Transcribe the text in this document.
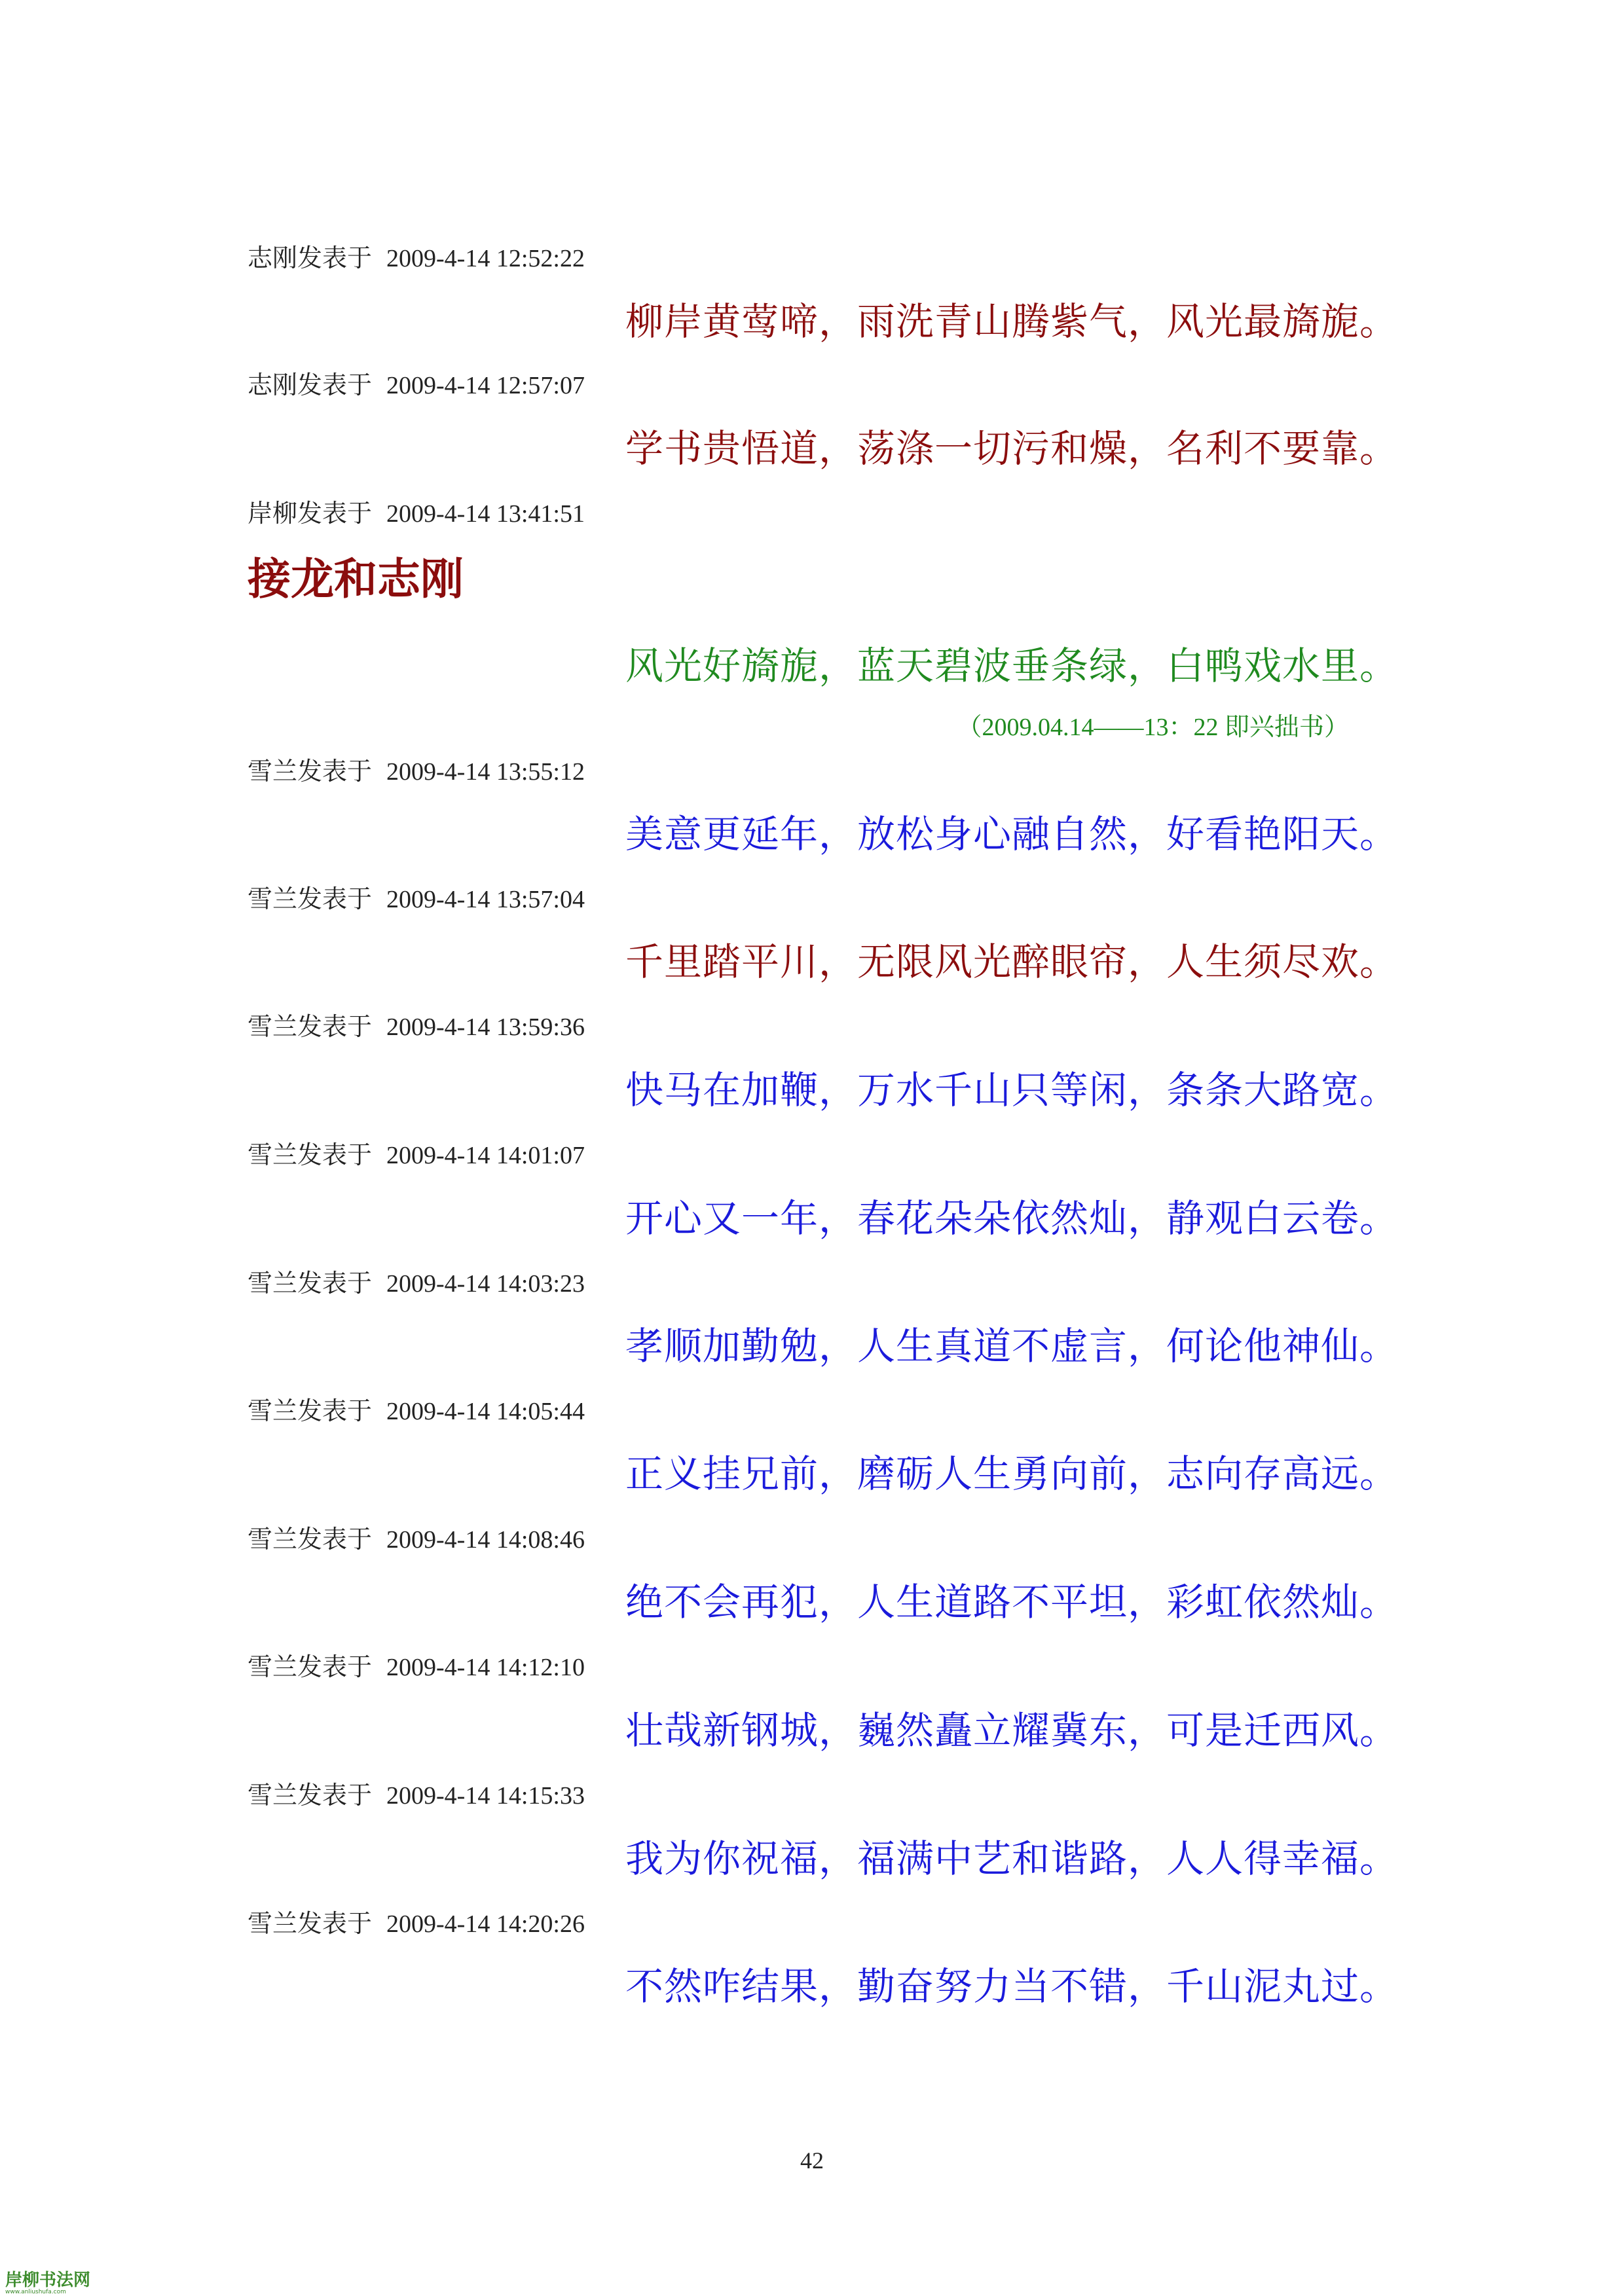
志刚发表于 2009-4-14 12:52:22
柳岸黄莺啼，雨洗青山腾紫气，风光最旖旎。
志刚发表于 2009-4-14 12:57:07
学书贵悟道，荡涤一切污和燥，名利不要靠。
岸柳发表于 2009-4-14 13:41:51
接龙和志刚
风光好旖旎，蓝天碧波垂条绿，白鸭戏水里。
（2009.04.14——13：22 即兴拙书）
雪兰发表于 2009-4-14 13:55:12
美意更延年，放松身心融自然，好看艳阳天。
雪兰发表于 2009-4-14 13:57:04
千里踏平川，无限风光醉眼帘，人生须尽欢。
雪兰发表于 2009-4-14 13:59:36
快马在加鞭，万水千山只等闲，条条大路宽。
雪兰发表于 2009-4-14 14:01:07
开心又一年，春花朵朵依然灿，静观白云卷。
雪兰发表于 2009-4-14 14:03:23
孝顺加勤勉，人生真道不虚言，何论他神仙。
雪兰发表于 2009-4-14 14:05:44
正义挂兄前，磨砺人生勇向前，志向存高远。
雪兰发表于 2009-4-14 14:08:46
绝不会再犯，人生道路不平坦，彩虹依然灿。
雪兰发表于 2009-4-14 14:12:10
壮哉新钢城，巍然矗立耀冀东，可是迁西风。
雪兰发表于 2009-4-14 14:15:33
我为你祝福，福满中艺和谐路，人人得幸福。
雪兰发表于 2009-4-14 14:20:26
不然咋结果，勤奋努力当不错，千山泥丸过。
42
岸柳书法网
www.anliushufa.com
